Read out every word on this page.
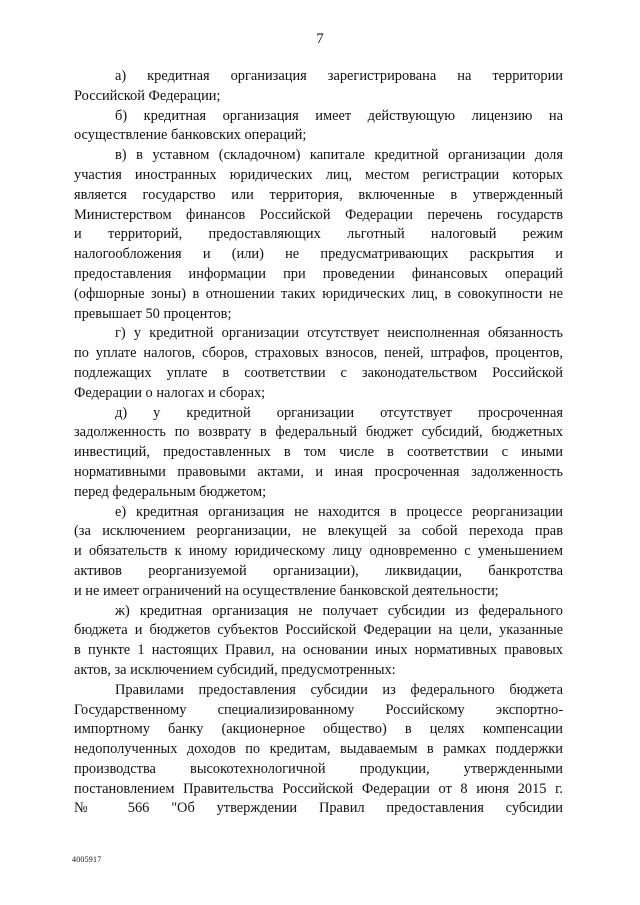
7

а) кредитная организация зарегистрирована на территории
Российской Федерации;

б) кредитная организация имеет действующую лицензию на
осуществление банковских операций;

в) в уставном (складочном) капитале кредитной организации доля
участия иностранных юридических лиц, местом регистрации которых
является государство или территория, включенные в утвержденный
Министерством финансов Российской Федерации перечень государств
и территорий, предоставляющих льготный налоговый режим
налогообложения и (или) не предусматривающих раскрытия и
предоставления информации при проведении финансовых операций
(офшорные зоны) в отношении таких юридических лиц, в совокупности не
превышает 50 процентов;

г) у кредитной организации отсутствует неисполненная обязанность
по уплате налогов, сборов, страховых взносов, пеней, штрафов, процентов,
подлежащих уплате в соответствии с законодательством Российской
Федерации о налогах и сборах;

д) у кредитной организации отсутствует просроченная
задолженность по возврату в федеральный бюджет субсидий, бюджетных
инвестиций, предоставленных в том числе в соответствии с иными
нормативными правовыми актами, и иная просроченная задолженность
перед федеральным бюджетом;

е) кредитная организация не находится в процессе реорганизации
(за исключением реорганизации, не влекущей за собой перехода прав
и обязательств к иному юридическому лицу одновременно с уменьшением
активов реорганизуемой организации), ликвидации, банкротства
и не имеет ограничений на осуществление банковской деятельности;

ж) кредитная организация не получает субсидии из федерального
бюджета и бюджетов субъектов Российской Федерации на цели, указанные
в пункте 1 настоящих Правил, на основании иных нормативных правовых
актов, за исключением субсидий, предусмотренных:

Правилами предоставления субсидии из федерального бюджета
Государственному специализированному Российскому экспортно-
импортному банку (акционерное общество) в целях компенсации
недополученных доходов по кредитам, выдаваемым в рамках поддержки
производства высокотехнологичной продукции, утвержденными
постановлением Правительства Российской Федерации от 8 июня 2015 г.
№ 566 "Об утверждении Правил предоставления субсидии

4005917
